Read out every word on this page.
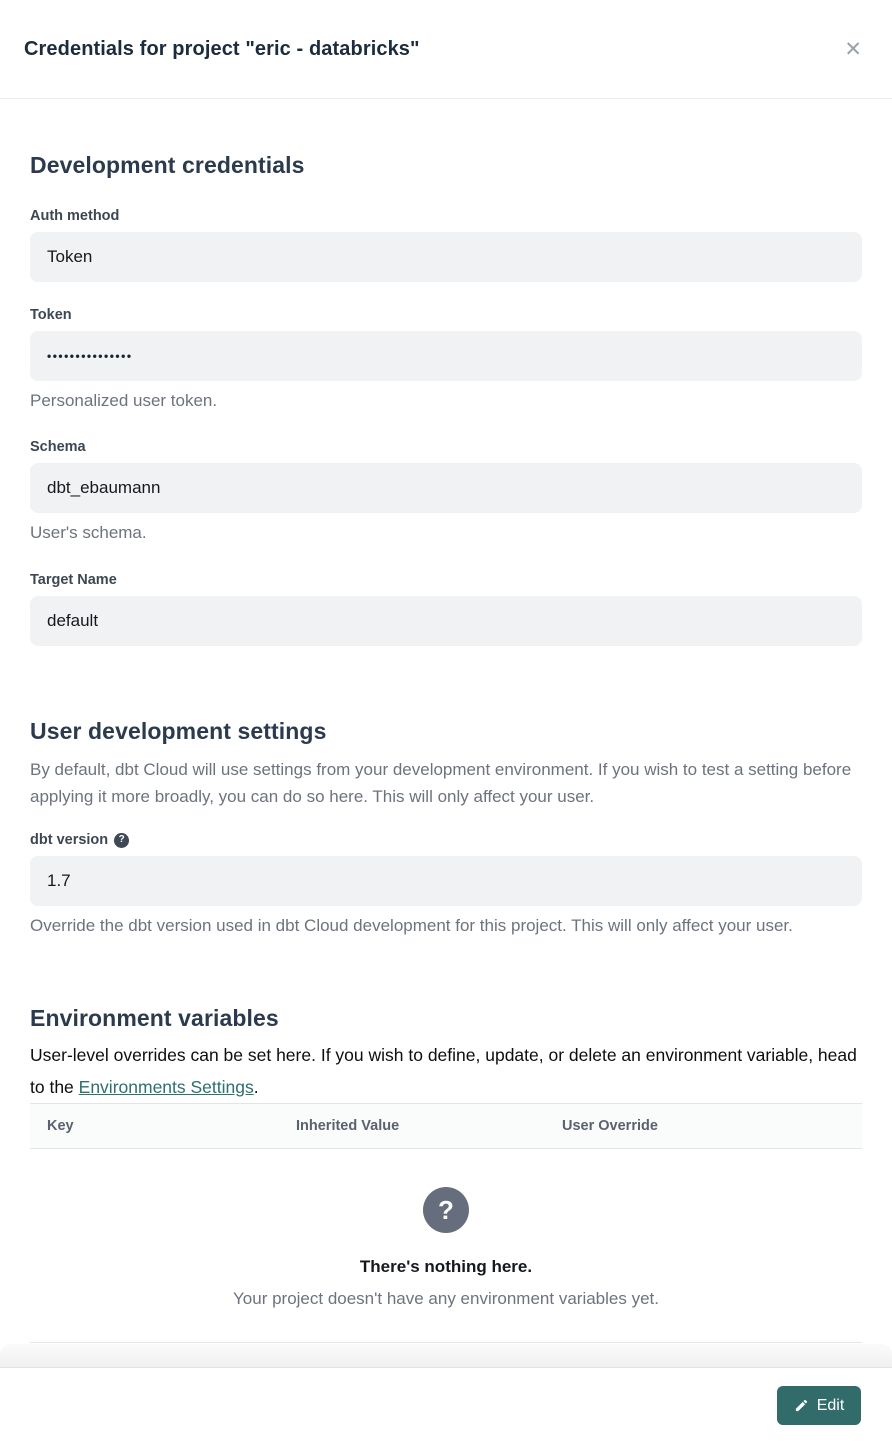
Credentials for project "eric - databricks"	✕
Development credentials
Auth method
Token
Token
•••••••••••••••
Personalized user token.
Schema
dbt_ebaumann
User's schema.
Target Name
default
User development settings

By default, dbt Cloud will use settings from your development environment. If you wish to test a setting before applying it more broadly, you can do so here. This will only affect your user.

dbt version	?
1.7
Override the dbt version used in dbt Cloud development for this project. This will only affect your user.
Environment variables

User-level overrides can be set here. If you wish to define, update, or delete an environment variable, head to the Environments Settings.

Key	Inherited Value	User Override
?
There's nothing here.
Your project doesn't have any environment variables yet.
Edit
